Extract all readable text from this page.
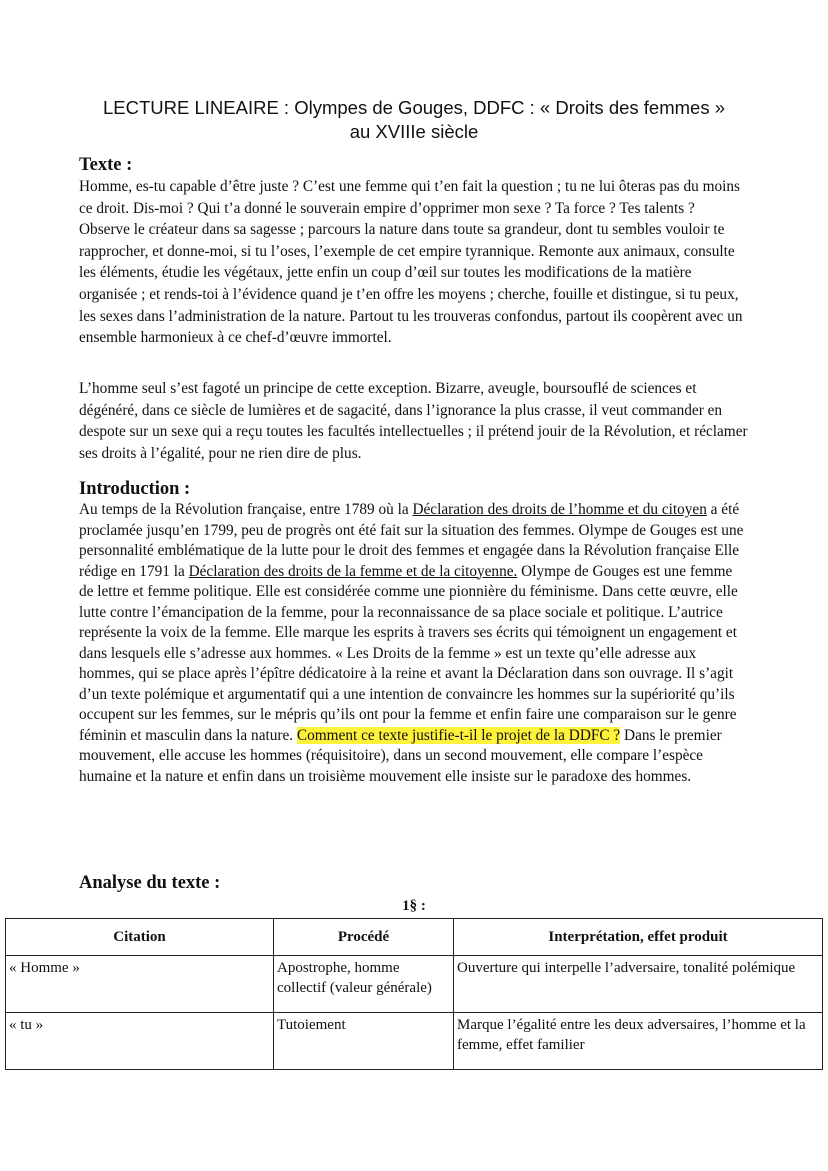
LECTURE LINEAIRE : Olympes de Gouges, DDFC : « Droits des femmes »
au XVIIIe siècle
Texte :
Homme, es-tu capable d’être juste ? C’est une femme qui t’en fait la question ; tu ne lui ôteras pas du moins ce droit. Dis-moi ? Qui t’a donné le souverain empire d’opprimer mon sexe ? Ta force ? Tes talents ? Observe le créateur dans sa sagesse ; parcours la nature dans toute sa grandeur, dont tu sembles vouloir te rapprocher, et donne-moi, si tu l’oses, l’exemple de cet empire tyrannique. Remonte aux animaux, consulte les éléments, étudie les végétaux, jette enfin un coup d’œil sur toutes les modifications de la matière organisée ; et rends-toi à l’évidence quand je t’en offre les moyens ; cherche, fouille et distingue, si tu peux, les sexes dans l’administration de la nature. Partout tu les trouveras confondus, partout ils coopèrent avec un ensemble harmonieux à ce chef-d’œuvre immortel.
L’homme seul s’est fagoté un principe de cette exception. Bizarre, aveugle, boursouflé de sciences et dégénéré, dans ce siècle de lumières et de sagacité, dans l’ignorance la plus crasse, il veut commander en despote sur un sexe qui a reçu toutes les facultés intellectuelles ; il prétend jouir de la Révolution, et réclamer ses droits à l’égalité, pour ne rien dire de plus.
Introduction :
Au temps de la Révolution française, entre 1789 où la Déclaration des droits de l’homme et du citoyen a été proclamée jusqu’en 1799, peu de progrès ont été fait sur la situation des femmes. Olympe de Gouges est une personnalité emblématique de la lutte pour le droit des femmes et engagée dans la Révolution française Elle rédige en 1791 la Déclaration des droits de la femme et de la citoyenne. Olympe de Gouges est une femme de lettre et femme politique. Elle est considérée comme une pionnière du féminisme. Dans cette œuvre, elle lutte contre l’émancipation de la femme, pour la reconnaissance de sa place sociale et politique. L’autrice représente la voix de la femme. Elle marque les esprits à travers ses écrits qui témoignent un engagement et dans lesquels elle s’adresse aux hommes. « Les Droits de la femme » est un texte qu’elle adresse aux hommes, qui se place après l’épître dédicatoire à la reine et avant la Déclaration dans son ouvrage. Il s’agit d’un texte polémique et argumentatif qui a une intention de convaincre les hommes sur la supériorité qu’ils occupent sur les femmes, sur le mépris qu’ils ont pour la femme et enfin faire une comparaison sur le genre féminin et masculin dans la nature. Comment ce texte justifie-t-il le projet de la DDFC ? Dans le premier mouvement, elle accuse les hommes (réquisitoire), dans un second mouvement, elle compare l’espèce humaine et la nature et enfin dans un troisième mouvement elle insiste sur le paradoxe des hommes.
Analyse du texte :
1§ :
Citation	Procédé	Interprétation, effet produit
« Homme »	Apostrophe, homme collectif (valeur générale)	Ouverture qui interpelle l’adversaire, tonalité polémique
« tu »	Tutoiement	Marque l’égalité entre les deux adversaires, l’homme et la femme, effet familier
